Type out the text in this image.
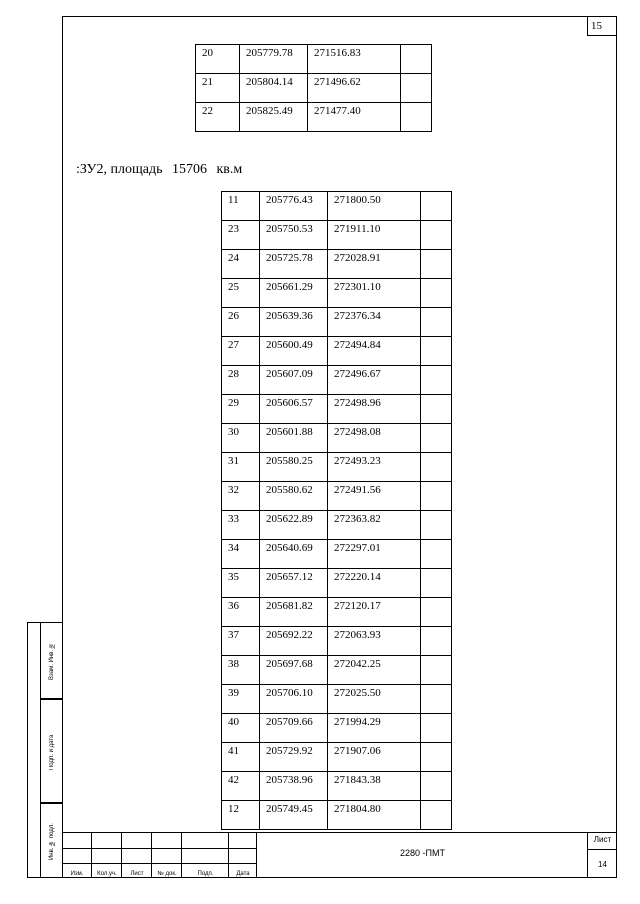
15
20	205779.78	271516.83	
21	205804.14	271496.62	
22	205825.49	271477.40	
:ЗУ2, площадь 15706 кв.м
11	205776.43	271800.50	
23	205750.53	271911.10	
24	205725.78	272028.91	
25	205661.29	272301.10	
26	205639.36	272376.34	
27	205600.49	272494.84	
28	205607.09	272496.67	
29	205606.57	272498.96	
30	205601.88	272498.08	
31	205580.25	272493.23	
32	205580.62	272491.56	
33	205622.89	272363.82	
34	205640.69	272297.01	
35	205657.12	272220.14	
36	205681.82	272120.17	
37	205692.22	272063.93	
38	205697.68	272042.25	
39	205706.10	272025.50	
40	205709.66	271994.29	
41	205729.92	271907.06	
42	205738.96	271843.38	
12	205749.45	271804.80	
Взам. Инв. №
Подп. и дата
Инв. № подл.
Изм.	Кол.уч.	Лист	№ док.	Подп.	Дата
2280 -ПМТ
Лист
14
